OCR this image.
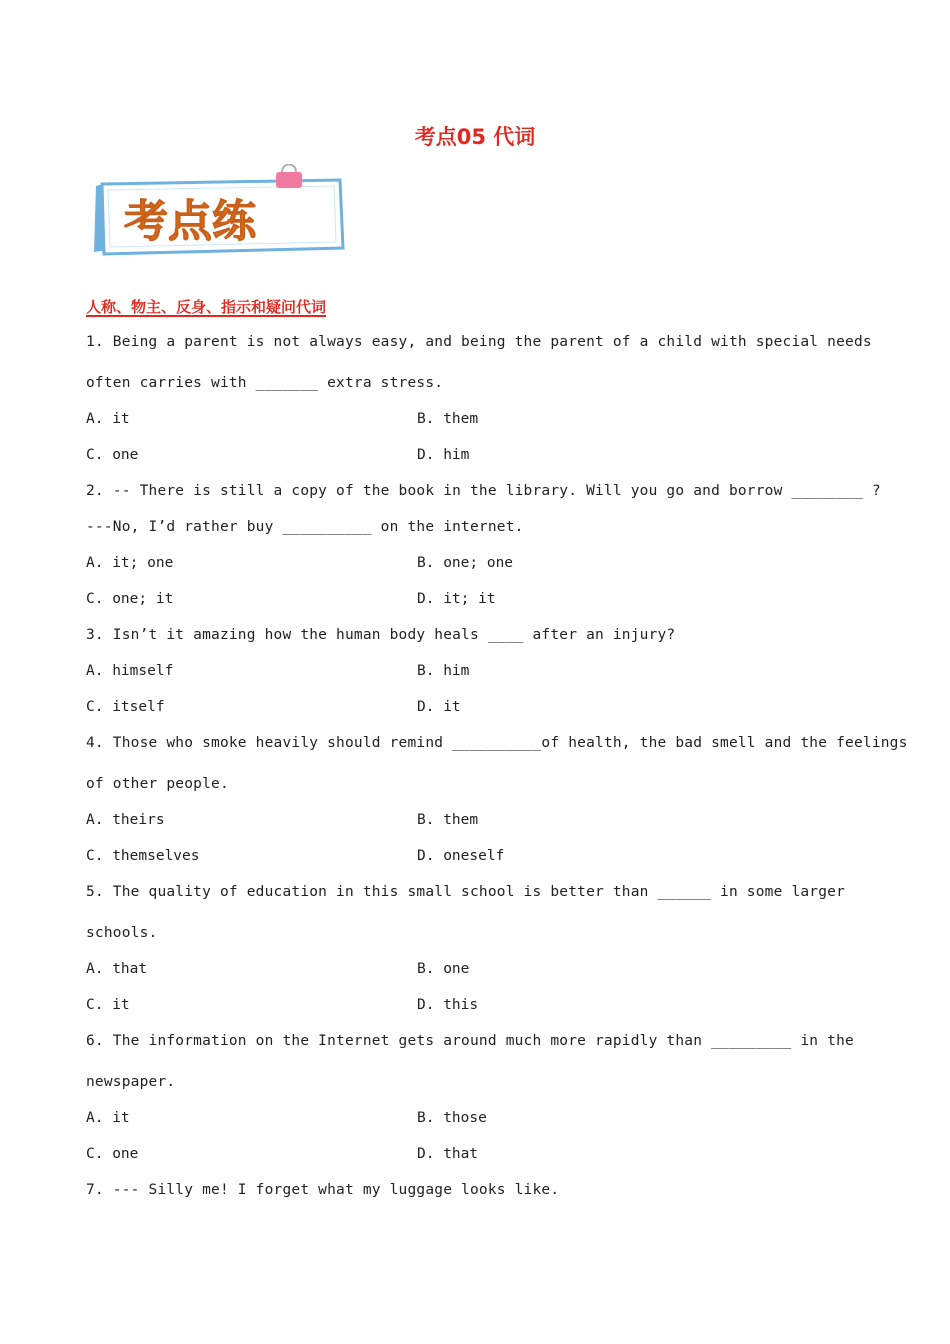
考点05 代词
考点练
人称、物主、反身、指示和疑问代词
1. Being a parent is not always easy, and being the parent of a child with special needs
often carries with _______ extra stress.
A. it	B. them
C. one	D. him
2. -- There is still a copy of the book in the library. Will you go and borrow ________ ?
---No, I’d rather buy __________ on the internet.
A. it; one	B. one; one
C. one; it	D. it; it
3. Isn’t it amazing how the human body heals ____ after an injury?
A. himself	B. him
C. itself	D. it
4. Those who smoke heavily should remind __________of health, the bad smell and the feelings
of other people.
A. theirs	B. them
C. themselves	D. oneself
5. The quality of education in this small school is better than ______ in some larger
schools.
A. that	B. one
C. it	D. this
6. The information on the Internet gets around much more rapidly than _________ in the
newspaper.
A. it	B. those
C. one	D. that
7. --- Silly me! I forget what my luggage looks like.
